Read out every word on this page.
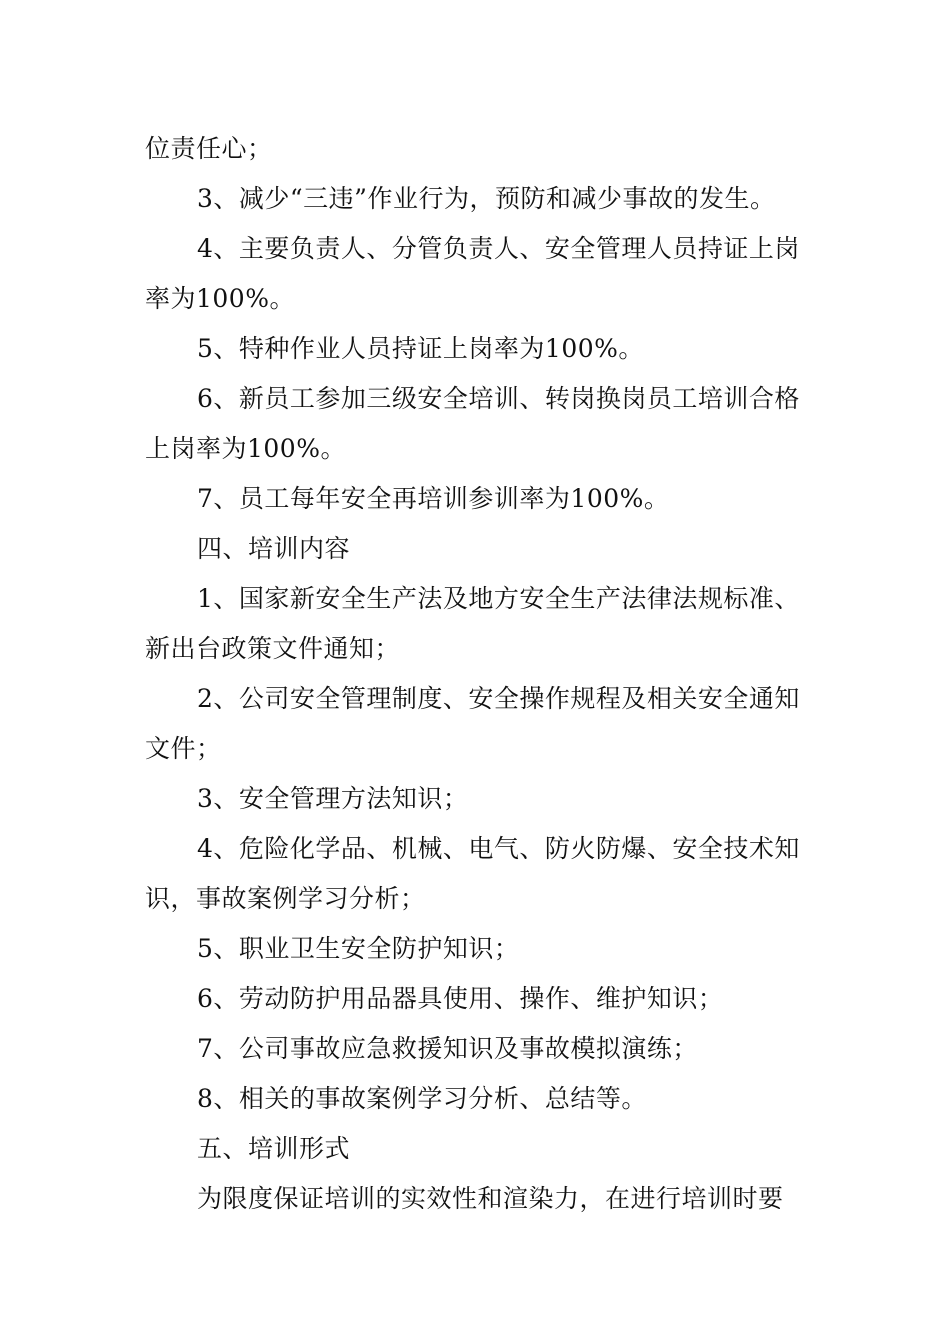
位责任心；
3、减少“三违”作业行为，预防和减少事故的发生。
4、主要负责人、分管负责人、安全管理人员持证上岗
率为100%。
5、特种作业人员持证上岗率为100%。
6、新员工参加三级安全培训、转岗换岗员工培训合格
上岗率为100%。
7、员工每年安全再培训参训率为100%。
四、培训内容
1、国家新安全生产法及地方安全生产法律法规标准、
新出台政策文件通知；
2、公司安全管理制度、安全操作规程及相关安全通知
文件；
3、安全管理方法知识；
4、危险化学品、机械、电气、防火防爆、安全技术知
识，事故案例学习分析；
5、职业卫生安全防护知识；
6、劳动防护用品器具使用、操作、维护知识；
7、公司事故应急救援知识及事故模拟演练；
8、相关的事故案例学习分析、总结等。
五、培训形式
为限度保证培训的实效性和渲染力，在进行培训时要
